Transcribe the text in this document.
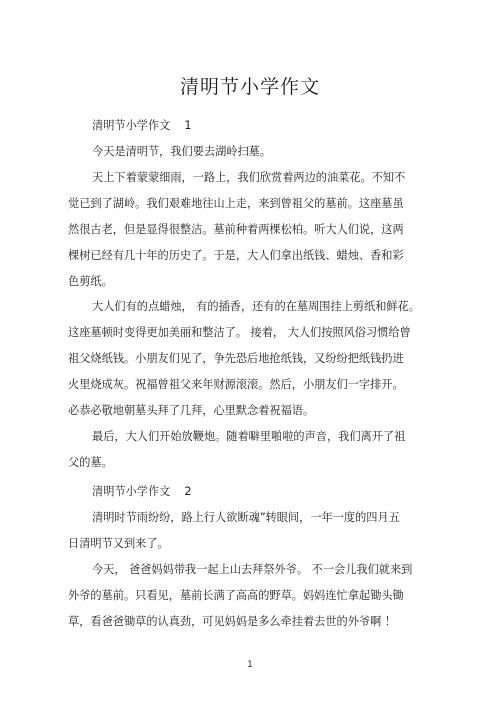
清明节小学作文
清明节小学作文 1
今天是清明节，我们要去湖岭扫墓。
天上下着蒙蒙细雨，一路上，我们欣赏着两边的油菜花。不知不
觉已到了湖岭。我们艰难地往山上走，来到曾祖父的墓前。这座墓虽
然很古老，但是显得很整洁。墓前种着两棵松柏。听大人们说，这两
棵树已经有几十年的历史了。于是，大人们拿出纸钱、蜡烛、香和彩
色剪纸。
大人们有的点蜡烛， 有的插香，还有的在墓周围挂上剪纸和鲜花。
这座墓顿时变得更加美丽和整洁了。 接着， 大人们按照风俗习惯给曾
祖父烧纸钱。小朋友们见了，争先恐后地抢纸钱，又纷纷把纸钱扔进
火里烧成灰。祝福曾祖父来年财源滚滚。然后，小朋友们一字排开。
必恭必敬地朝墓头拜了几拜，心里默念着祝福语。
最后，大人们开始放鞭炮。随着噼里啪啦的声音，我们离开了祖
父的墓。
清明节小学作文 2
清明时节雨纷纷，路上行人欲断魂”转眼间，一年一度的四月五
日清明节又到来了。
今天， 爸爸妈妈带我一起上山去拜祭外爷。 不一会儿我们就来到
外爷的墓前。只看见，墓前长满了高高的野草。妈妈连忙拿起锄头锄
草，看爸爸锄草的认真劲，可见妈妈是多么牵挂着去世的外爷啊 ！
1
